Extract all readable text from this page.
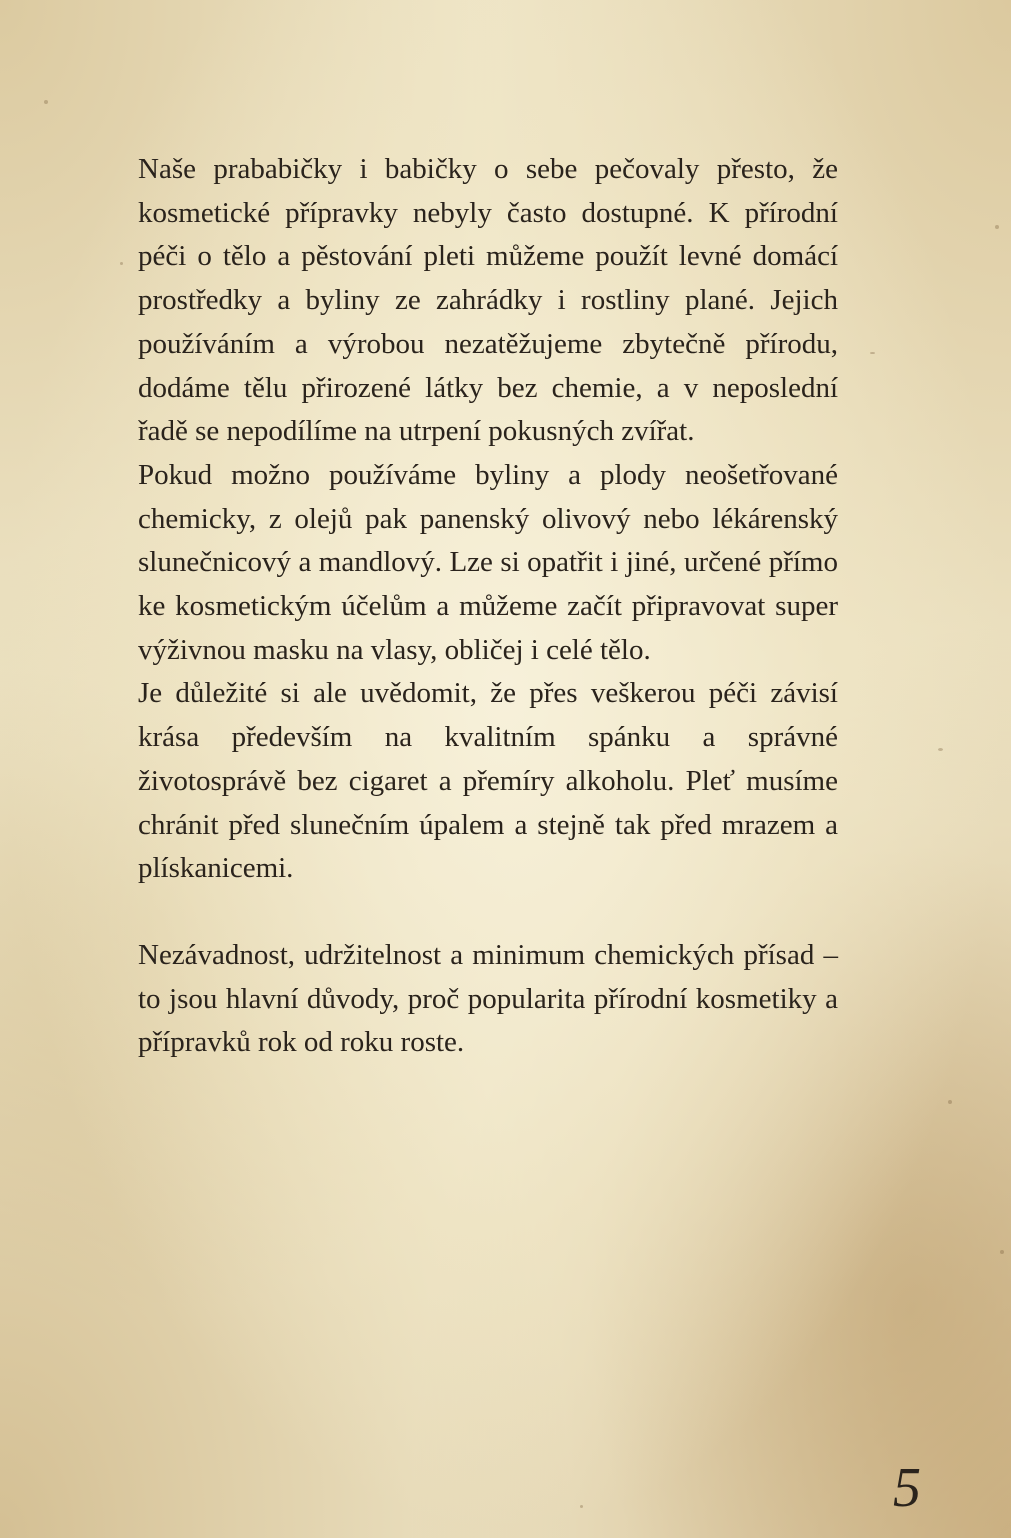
Naše prababičky i babičky o sebe pečovaly přesto, že kosmetické přípravky nebyly často dostupné. K přírodní péči o tělo a pěstování pleti můžeme použít levné domácí prostředky a byliny ze zahrádky i rostliny plané. Jejich používáním a výrobou nezatěžujeme zbytečně přírodu, dodáme tělu přirozené látky bez chemie, a v neposlední řadě se nepodílíme na utrpení pokusných zvířat.

Pokud možno používáme byliny a plody neošetřované chemicky, z olejů pak panenský olivový nebo lékárenský slunečnicový a mandlový. Lze si opatřit i jiné, určené přímo ke kosmetickým účelům a můžeme začít připravovat super výživnou masku na vlasy, obličej i celé tělo.

Je důležité si ale uvědomit, že přes veškerou péči závisí krása především na kvalitním spánku a správné životosprávě bez cigaret a přemíry alkoholu. Pleť musíme chránit před slunečním úpalem a stejně tak před mrazem a plískanicemi.

Nezávadnost, udržitelnost a minimum chemických přísad – to jsou hlavní důvody, proč popularita přírodní kosmetiky a přípravků rok od roku roste.

5
